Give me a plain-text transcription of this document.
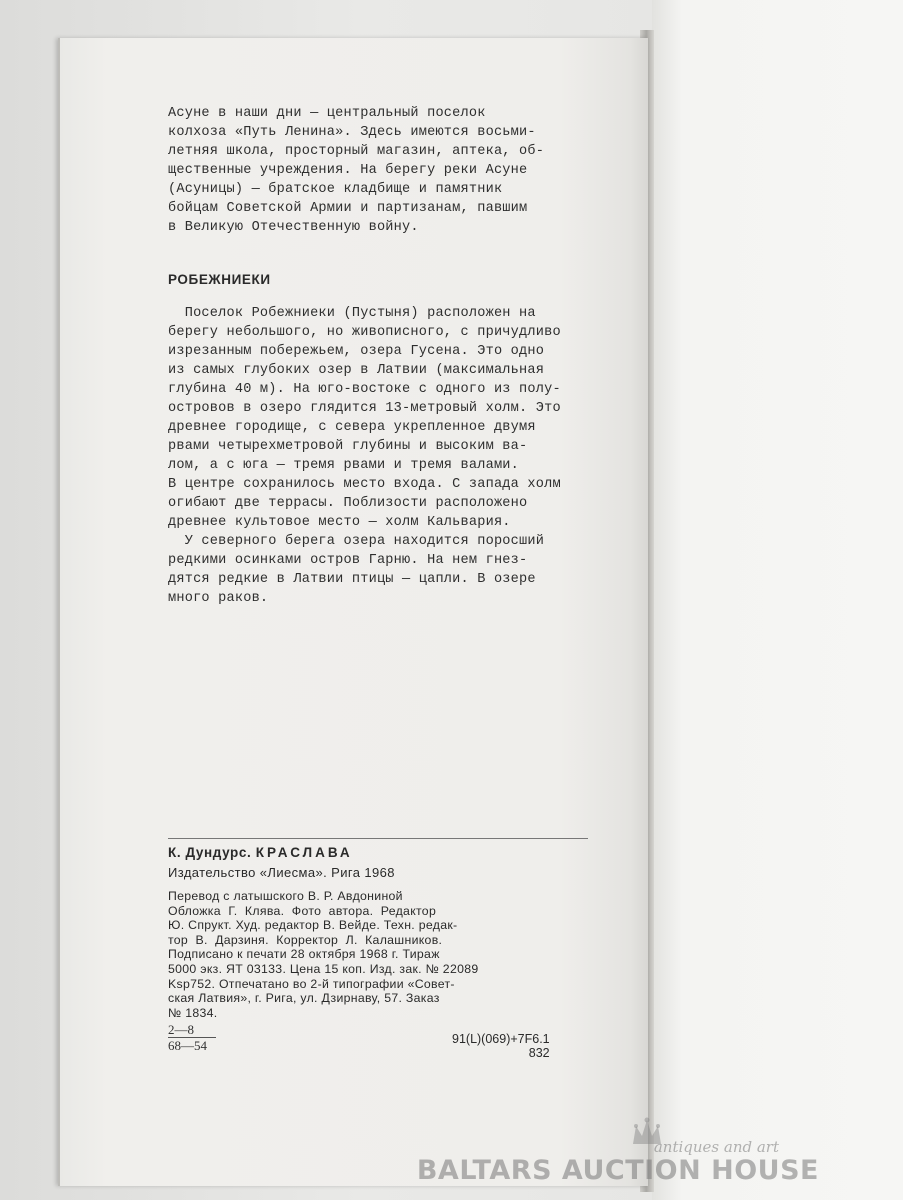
Асуне в наши дни — центральный поселок
колхоза «Путь Ленина». Здесь имеются восьми-
летняя школа, просторный магазин, аптека, об-
щественные учреждения. На берегу реки Асуне
(Асуницы) — братское кладбище и памятник
бойцам Советской Армии и партизанам, павшим
в Великую Отечественную войну.

РОБЕЖНИЕКИ

Поселок Робежниеки (Пустыня) расположен на
берегу небольшого, но живописного, с причудливо
изрезанным побережьем, озера Гусена. Это одно
из самых глубоких озер в Латвии (максимальная
глубина 40 м). На юго-востоке с одного из полу-
островов в озеро глядится 13-метровый холм. Это
древнее городище, с севера укрепленное двумя
рвами четырехметровой глубины и высоким ва-
лом, а с юга — тремя рвами и тремя валами.
В центре сохранилось место входа. С запада холм
огибают две террасы. Поблизости расположено
древнее культовое место — холм Кальвария.

У северного берега озера находится поросший
редкими осинками остров Гарню. На нем гнез-
дятся редкие в Латвии птицы — цапли. В озере
много раков.

К. Дундурс. КРАСЛАВА
Издательство «Лиесма». Рига 1968
Перевод с латышского В. Р. Авдониной
Обложка  Г.  Клява.  Фото  автора.  Редактор
Ю. Спрукт. Худ. редактор В. Вейде. Техн. редак-
тор  В.  Дарзиня.  Корректор  Л.  Калашников.
Подписано к печати 28 октября 1968 г. Тираж
5000 экз. ЯТ 03133. Цена 15 коп. Изд. зак. № 22089
Ksp752. Отпечатано во 2-й типографии «Совет-
ская Латвия», г. Рига, ул. Дзирнаву, 57. Заказ
№ 1834.
$\frac{2—8}{68—54}$	91(L)(069)+7F6.1
832
antiques and art
BALTARS AUCTION HOUSE
